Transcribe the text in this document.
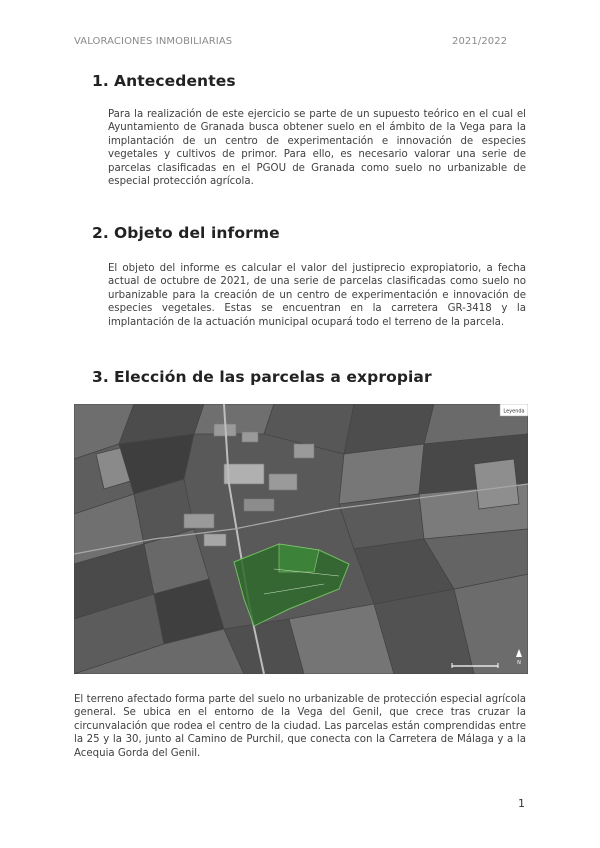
VALORACIONES INMOBILIARIAS	2021/2022
1. Antecedentes

Para la realización de este ejercicio se parte de un supuesto teórico en el cual el Ayuntamiento de Granada busca obtener suelo en el ámbito de la Vega para la implantación de un centro de experimentación e innovación de especies vegetales y cultivos de primor. Para ello, es necesario valorar una serie de parcelas clasificadas en el PGOU de Granada como suelo no urbanizable de especial protección agrícola.

2. Objeto del informe

El objeto del informe es calcular el valor del justiprecio expropiatorio, a fecha actual de octubre de 2021, de una serie de parcelas clasificadas como suelo no urbanizable para la creación de un centro de experimentación e innovación de especies vegetales. Estas se encuentran en la carretera GR-3418 y la implantación de la actuación municipal ocupará todo el terreno de la parcela.

3. Elección de las parcelas a expropiar
Leyenda
N

El terreno afectado forma parte del suelo no urbanizable de protección especial agrícola general. Se ubica en el entorno de la Vega del Genil, que crece tras cruzar la circunvalación que rodea el centro de la ciudad. Las parcelas están comprendidas entre la 25 y la 30, junto al Camino de Purchil, que conecta con la Carretera de Málaga y a la Acequia Gorda del Genil.

1
